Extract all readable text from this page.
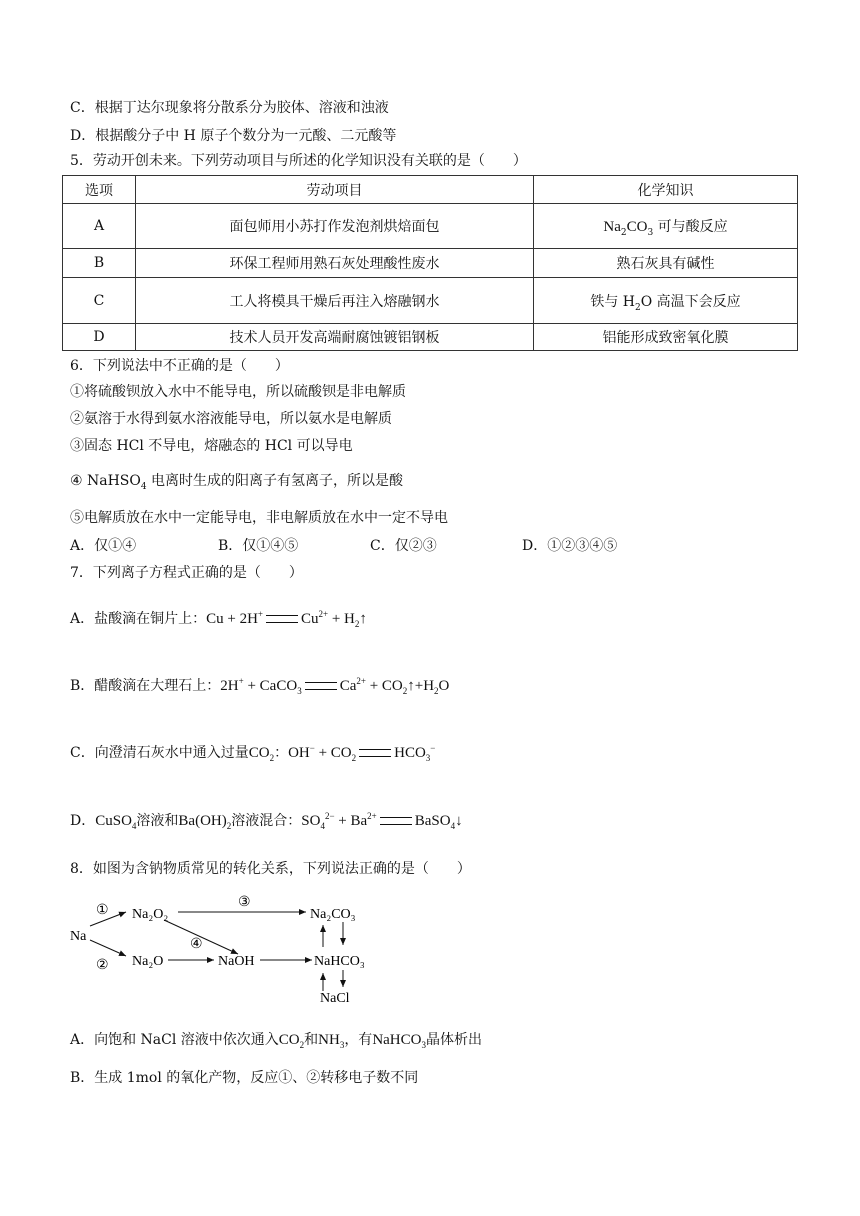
C．根据丁达尔现象将分散系分为胶体、溶液和浊液
D．根据酸分子中 H 原子个数分为一元酸、二元酸等
5．劳动开创未来。下列劳动项目与所述的化学知识没有关联的是（　　）
选项	劳动项目	化学知识
A	面包师用小苏打作发泡剂烘焙面包	$Na_2CO_3$ 可与酸反应
B	环保工程师用熟石灰处理酸性废水	熟石灰具有碱性
C	工人将模具干燥后再注入熔融钢水	铁与 $H_2O$ 高温下会反应
D	技术人员开发高端耐腐蚀镀铝钢板	铝能形成致密氧化膜
6．下列说法中不正确的是（　　）
①将硫酸钡放入水中不能导电，所以硫酸钡是非电解质
②氨溶于水得到氨水溶液能导电，所以氨水是电解质
③固态 HCl 不导电，熔融态的 HCl 可以导电
④ NaHSO$_4$ 电离时生成的阳离子有氢离子，所以是酸
⑤电解质放在水中一定能导电，非电解质放在水中一定不导电
A．仅①④	B．仅①④⑤	C．仅②③	D．①②③④⑤
7．下列离子方程式正确的是（　　）
A．盐酸滴在铜片上：Cu + 2H+	$Cu^{2+}$ + $H_2↑$
B．醋酸滴在大理石上：2H+ + CaCO$_3$	$Ca^{2+}$ + $CO_2↑+H_2O$
C．向澄清石灰水中通入过量$CO_2$：$OH^- + CO_2$	$HCO_3^-$
D．CuSO$_4$溶液和$Ba(OH)_2$溶液混合：$SO_4^{2-} + Ba^{2+}$	BaSO$_4$↓
8．如图为含钠物质常见的转化关系，下列说法正确的是（　　）
Na
Na₂O₂
Na₂O	NaOH
Na₂CO₃
NaHCO₃
NaCl
①
②
③
④
A．向饱和 NaCl 溶液中依次通入$CO_2$和$NH_3$，有NaHCO$_3$晶体析出
B．生成 1mol 的氧化产物，反应①、②转移电子数不同
